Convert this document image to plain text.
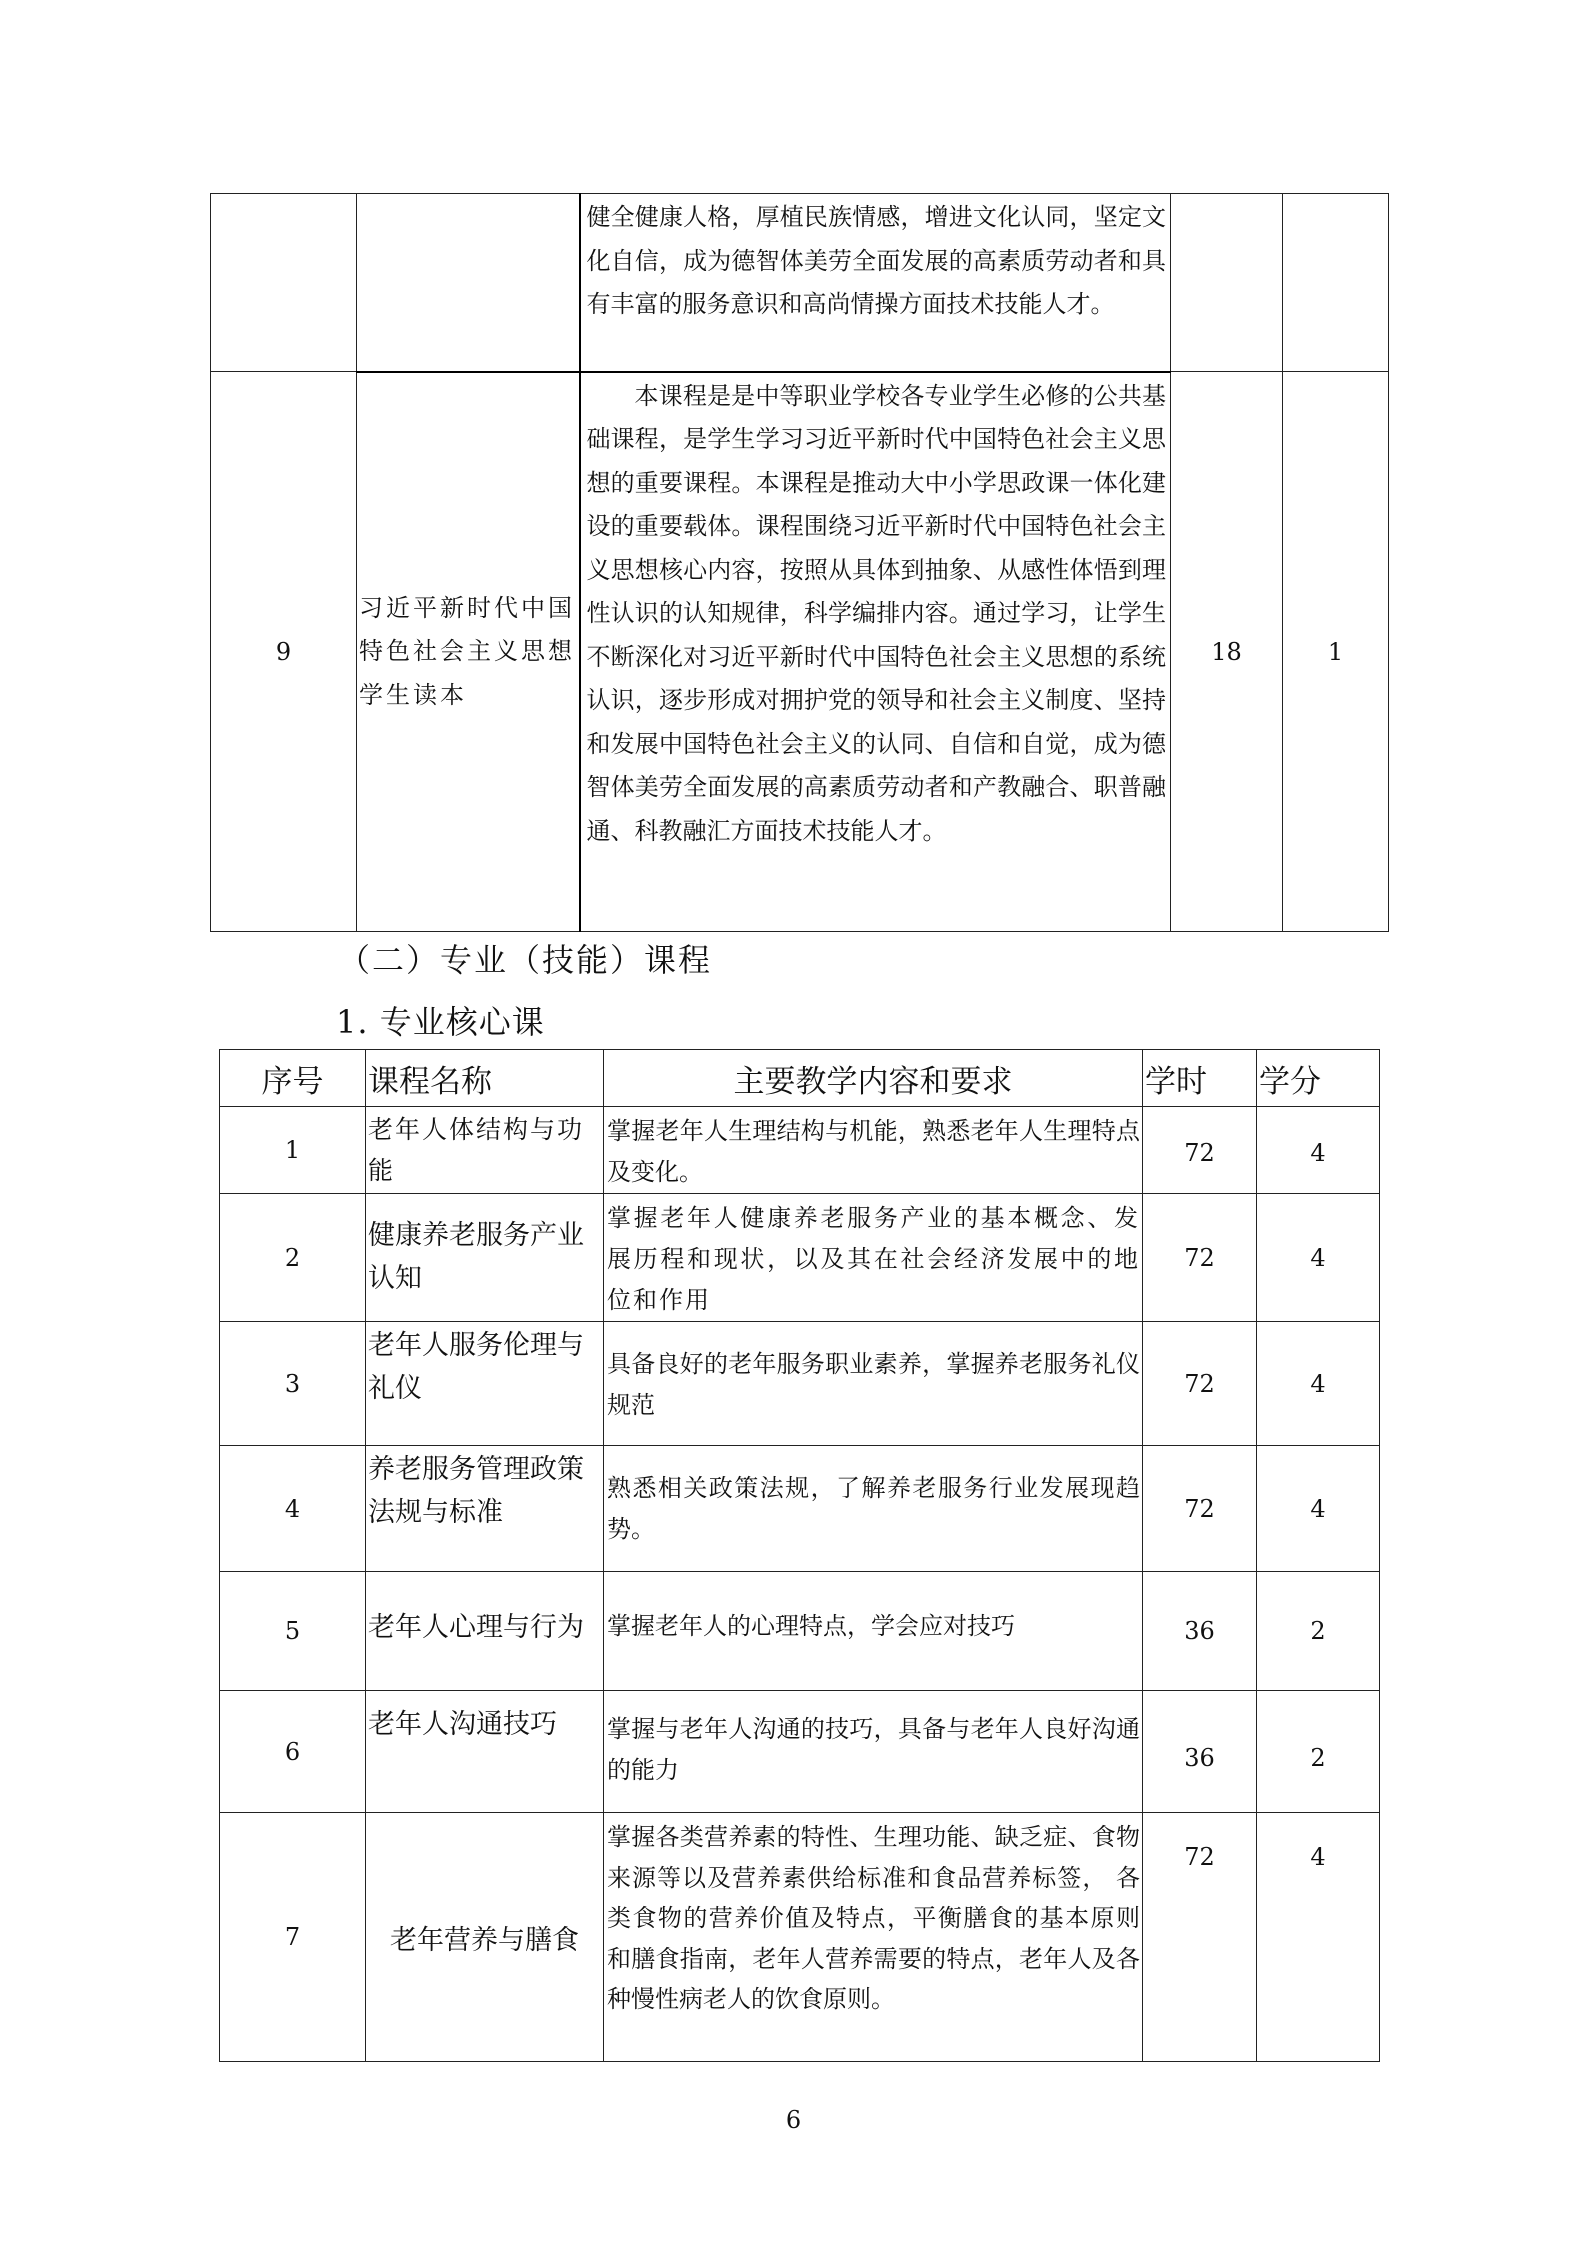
		健全健康人格，厚植民族情感，增进文化认同，坚定文化自信，成为德智体美劳全面发展的高素质劳动者和具有丰富的服务意识和高尚情操方面技术技能人才。		
9	习近平新时代中国特色社会主义思想学生读本	本课程是是中等职业学校各专业学生必修的公共基础课程，是学生学习习近平新时代中国特色社会主义思想的重要课程。本课程是推动大中小学思政课一体化建设的重要载体。课程围绕习近平新时代中国特色社会主义思想核心内容，按照从具体到抽象、从感性体悟到理性认识的认知规律，科学编排内容。通过学习，让学生不断深化对习近平新时代中国特色社会主义思想的系统认识，逐步形成对拥护党的领导和社会主义制度、坚持和发展中国特色社会主义的认同、自信和自觉，成为德智体美劳全面发展的高素质劳动者和产教融合、职普融通、科教融汇方面技术技能人才。	18	1
（二）专业（技能）课程
1. 专业核心课
序号	课程名称	主要教学内容和要求	学时	学分
1	老年人体结构与功能	掌握老年人生理结构与机能，熟悉老年人生理特点及变化。	72	4
2	健康养老服务产业认知	掌握老年人健康养老服务产业的基本概念、发展历程和现状，以及其在社会经济发展中的地位和作用	72	4
3	老年人服务伦理与礼仪	具备良好的老年服务职业素养，掌握养老服务礼仪规范	72	4
4	养老服务管理政策法规与标准	熟悉相关政策法规，了解养老服务行业发展现趋势。	72	4
5	老年人心理与行为	掌握老年人的心理特点，学会应对技巧	36	2
6	老年人沟通技巧	掌握与老年人沟通的技巧，具备与老年人良好沟通的能力	36	2
7	老年营养与膳食	掌握各类营养素的特性、生理功能、缺乏症、食物来源等以及营养素供给标准和食品营养标签， 各类食物的营养价值及特点，平衡膳食的基本原则 和膳食指南，老年人营养需要的特点，老年人及各种慢性病老人的饮食原则。	72	4
6
